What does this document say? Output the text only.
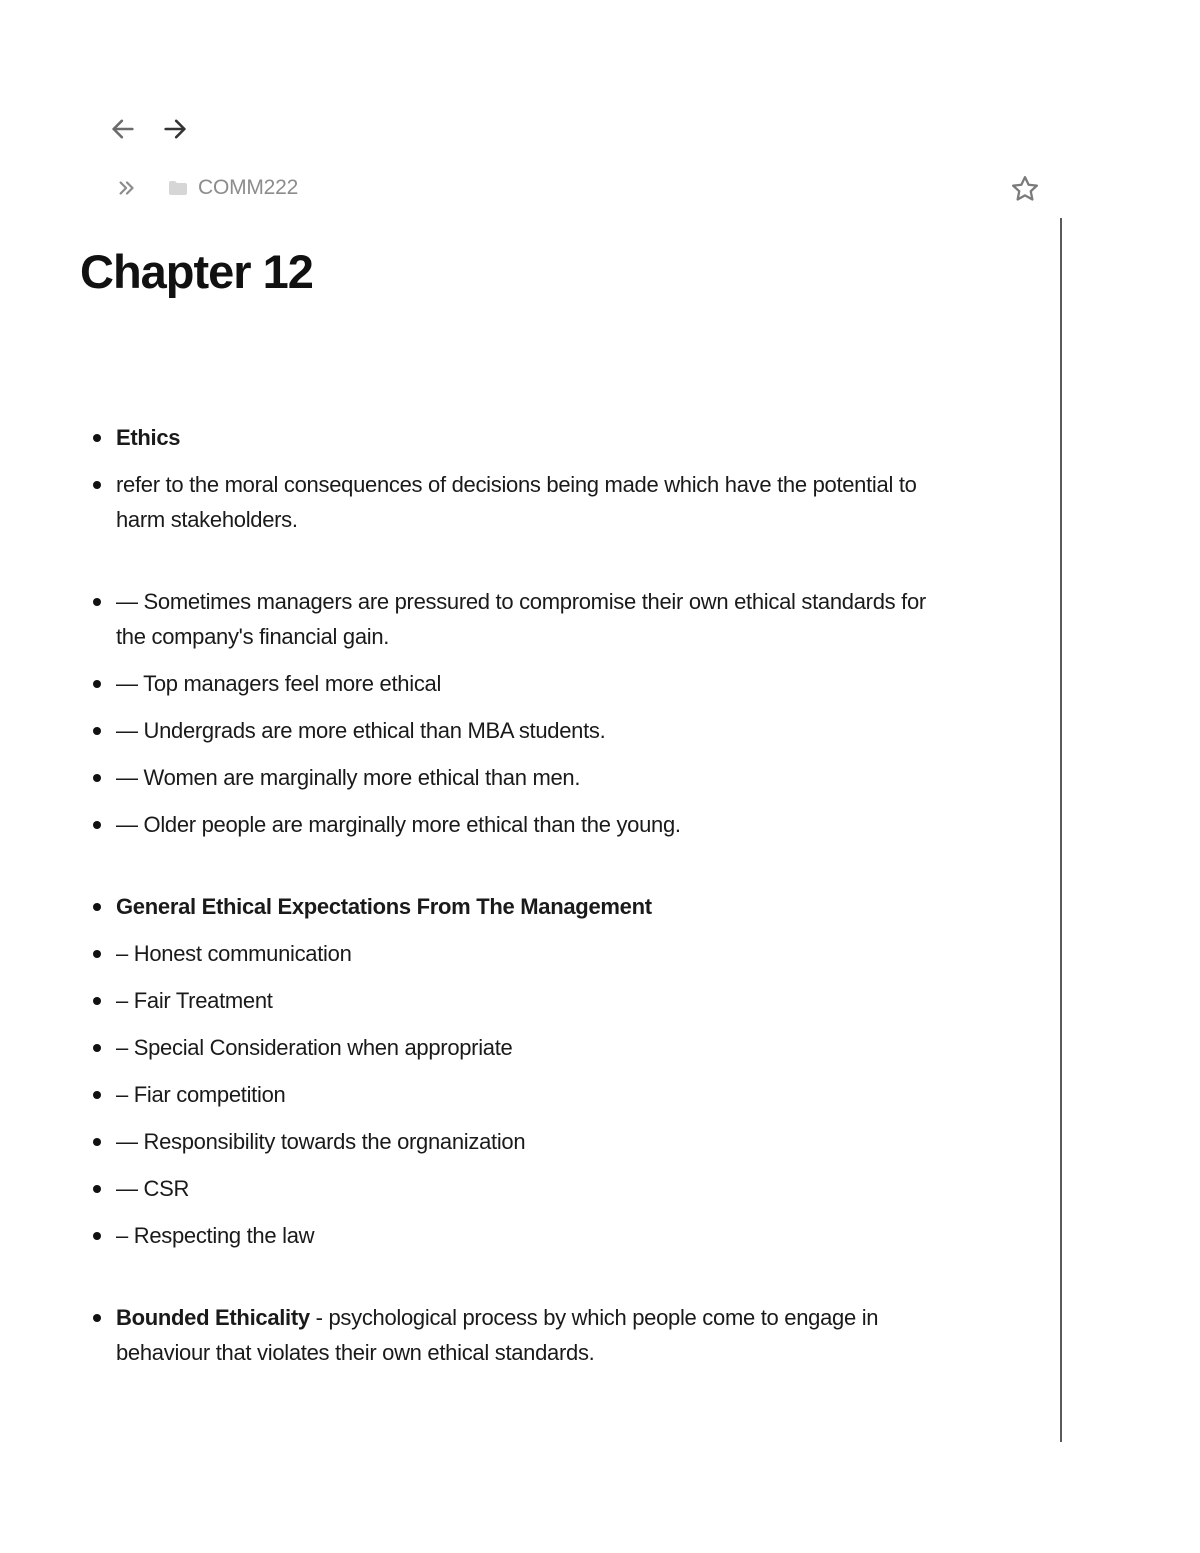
COMM222
Chapter 12
Ethics
refer to the moral consequences of decisions being made which have the potential to harm stakeholders.
— Sometimes managers are pressured to compromise their own ethical standards for the company's financial gain.
— Top managers feel more ethical
— Undergrads are more ethical than MBA students.
— Women are marginally more ethical than men.
— Older people are marginally more ethical than the young.
General Ethical Expectations From The Management
– Honest communication
– Fair Treatment
– Special Consideration when appropriate
– Fiar competition
— Responsibility towards the orgnanization
— CSR
– Respecting the law
Bounded Ethicality - psychological process by which people come to engage in behaviour that violates their own ethical standards.
